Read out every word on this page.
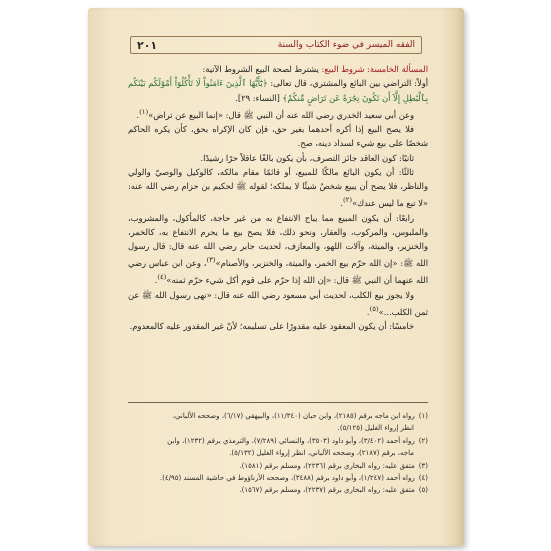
٢٠١	الفقه الميسر في ضوء الكتاب والسنة

المسألة الخامسة: شروط البيع: يشترط لصحة البيع الشروط الآتية:

أولاً: التراضي بين البائع والمشتري، قال تعالى: ﴿يَٰٓأَيُّهَا ٱلَّذِينَ ءَامَنُواْ لَا تَأْكُلُوٓاْ أَمْوَٰلَكُم بَيْنَكُم بِٱلْبَٰطِلِ إِلَّآ أَن تَكُونَ تِجَٰرَةً عَن تَرَاضٍ مِّنكُمْ﴾ [النساء: ٢٩].

وعن أبي سعيد الخدري رضي الله عنه أن النبي ﷺ قال: «إنما البيع عن تراض»$^{(١)}$.

فلا يصح البيع إذا أكره أحدهما بغير حق، فإن كان الإكراه بحق، كأن يكره الحاكم شخصًا على بيع شيء لسداد دينه، صح.

ثانيًا: كون العاقد جائز التصرف، بأن يكون بالغًا عاقلاً حرًا رشيدًا.

ثالثًا: أن يكون البائع مالكًا للمبيع، أو قائمًا مقام مالكه، كالوكيل والوصيّ والولي والناظر، فلا يصح أن يبيع شخصٌ شيئًا لا يملكه؛ لقوله ﷺ لحكيم بن حزام رضي الله عنه: «لا تبع ما ليس عندك»$^{(٢)}$.

رابعًا: أن يكون المبيع مما يباح الانتفاع به من غير حاجة، كالمأكول، والمشروب، والملبوس، والمركوب، والعقار، ونحو ذلك، فلا يصح بيع ما يحرم الانتفاع به، كالخمر، والخنزير، والميتة، وآلات اللهو، والمعازف، لحديث جابر رضي الله عنه قال: قال رسول الله ﷺ: «إن الله حرّم بيع الخمر، والميتة، والخنزير، والأصنام»$^{(٣)}$، وعن ابن عباس رضي الله عنهما أن النبي ﷺ قال: «إن الله إذا حرّم على قوم أكل شيء حرّم ثمنه»$^{(٤)}$.

ولا يجوز بيع الكلب، لحديث أبي مسعود رضي الله عنه قال: «نهى رسول الله ﷺ عن ثمن الكلب...»$^{(٥)}$.

خامسًا: أن يكون المعقود عليه مقدورًا على تسليمه؛ لأنّ غير المقدور عليه كالمعدوم.

(١)
رواه ابن ماجه برقم (٢١٨٥)، وابن حبان (١١/٣٤٠)، والبيهقي (٦/١٧)، وصححه الألباني،
انظر إرواء الغليل (٥/١٢٥).
(٢)
رواه أحمد (٣/٤٠٢)، وأبو داود (٣٥٠٣)، والنسائي (٧/٢٨٩)، والترمذي برقم (١٢٣٢)، وابن
ماجه، برقم (٢١٨٧)، وصححه الألباني، انظر إرواء الغليل (٥/١٣٢).
(٣)
متفق عليه: رواه البخاري برقم (٢٢٣٦)، ومسلم برقم (١٥٨١).
(٤)
رواه أحمد (١/٢٤٧)، وأبو داود برقم (٣٤٨٨)، وصححه الأرناؤوط في حاشية المسند (٤/٩٥).
(٥)
متفق عليه: رواه البخاري برقم (٢٢٣٧)، ومسلم برقم (١٥٦٧).
